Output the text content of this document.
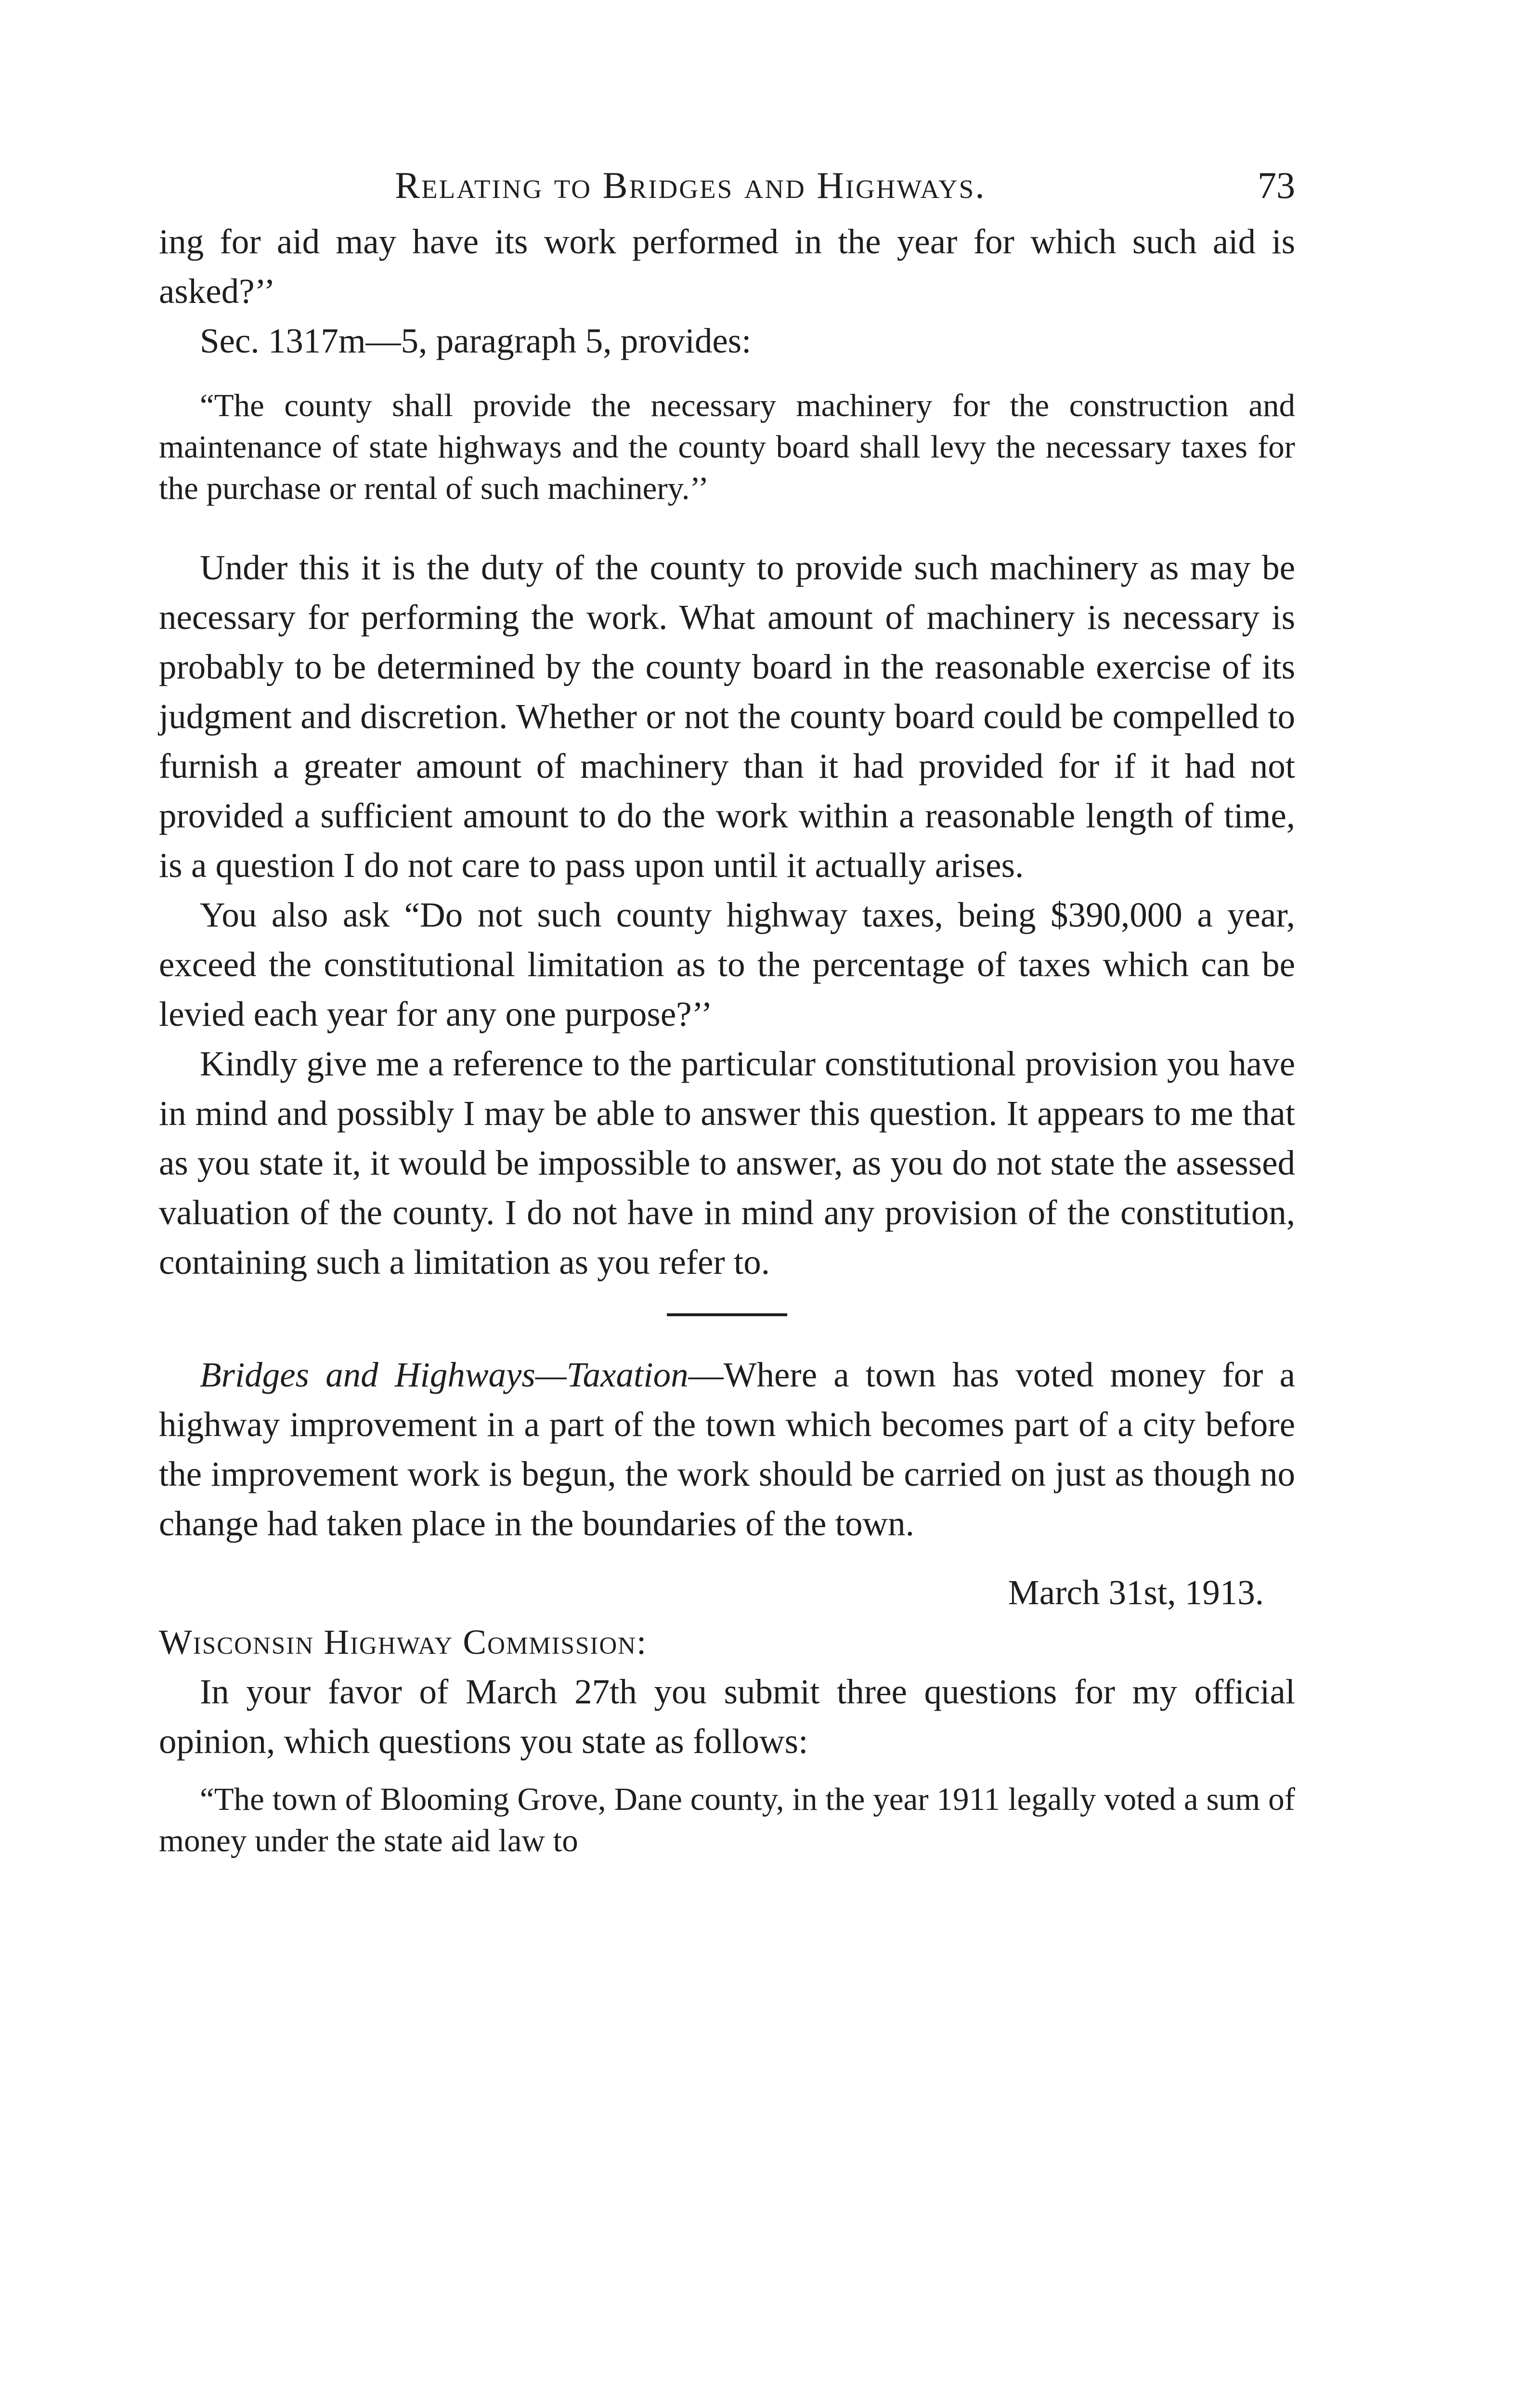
Relating to Bridges and Highways.	73

ing for aid may have its work performed in the year for which such aid is asked?’’

Sec. 1317m—5, paragraph 5, provides:

“The county shall provide the necessary machinery for the construction and maintenance of state highways and the county board shall levy the necessary taxes for the purchase or rental of such machinery.’’

Under this it is the duty of the county to provide such machinery as may be necessary for performing the work. What amount of machinery is necessary is probably to be determined by the county board in the reasonable exercise of its judgment and discretion. Whether or not the county board could be compelled to furnish a greater amount of machinery than it had provided for if it had not provided a sufficient amount to do the work within a reasonable length of time, is a question I do not care to pass upon until it actually arises.

You also ask “Do not such county highway taxes, being $390,000 a year, exceed the constitutional limitation as to the percentage of taxes which can be levied each year for any one purpose?’’

Kindly give me a reference to the particular constitutional provision you have in mind and possibly I may be able to answer this question. It appears to me that as you state it, it would be impossible to answer, as you do not state the assessed valuation of the county. I do not have in mind any provision of the constitution, containing such a limitation as you refer to.

Bridges and Highways—Taxation—Where a town has voted money for a highway improvement in a part of the town which becomes part of a city before the improvement work is begun, the work should be carried on just as though no change had taken place in the boundaries of the town.

March 31st, 1913.

Wisconsin Highway Commission:

In your favor of March 27th you submit three questions for my official opinion, which questions you state as follows:

“The town of Blooming Grove, Dane county, in the year 1911 legally voted a sum of money under the state aid law to
